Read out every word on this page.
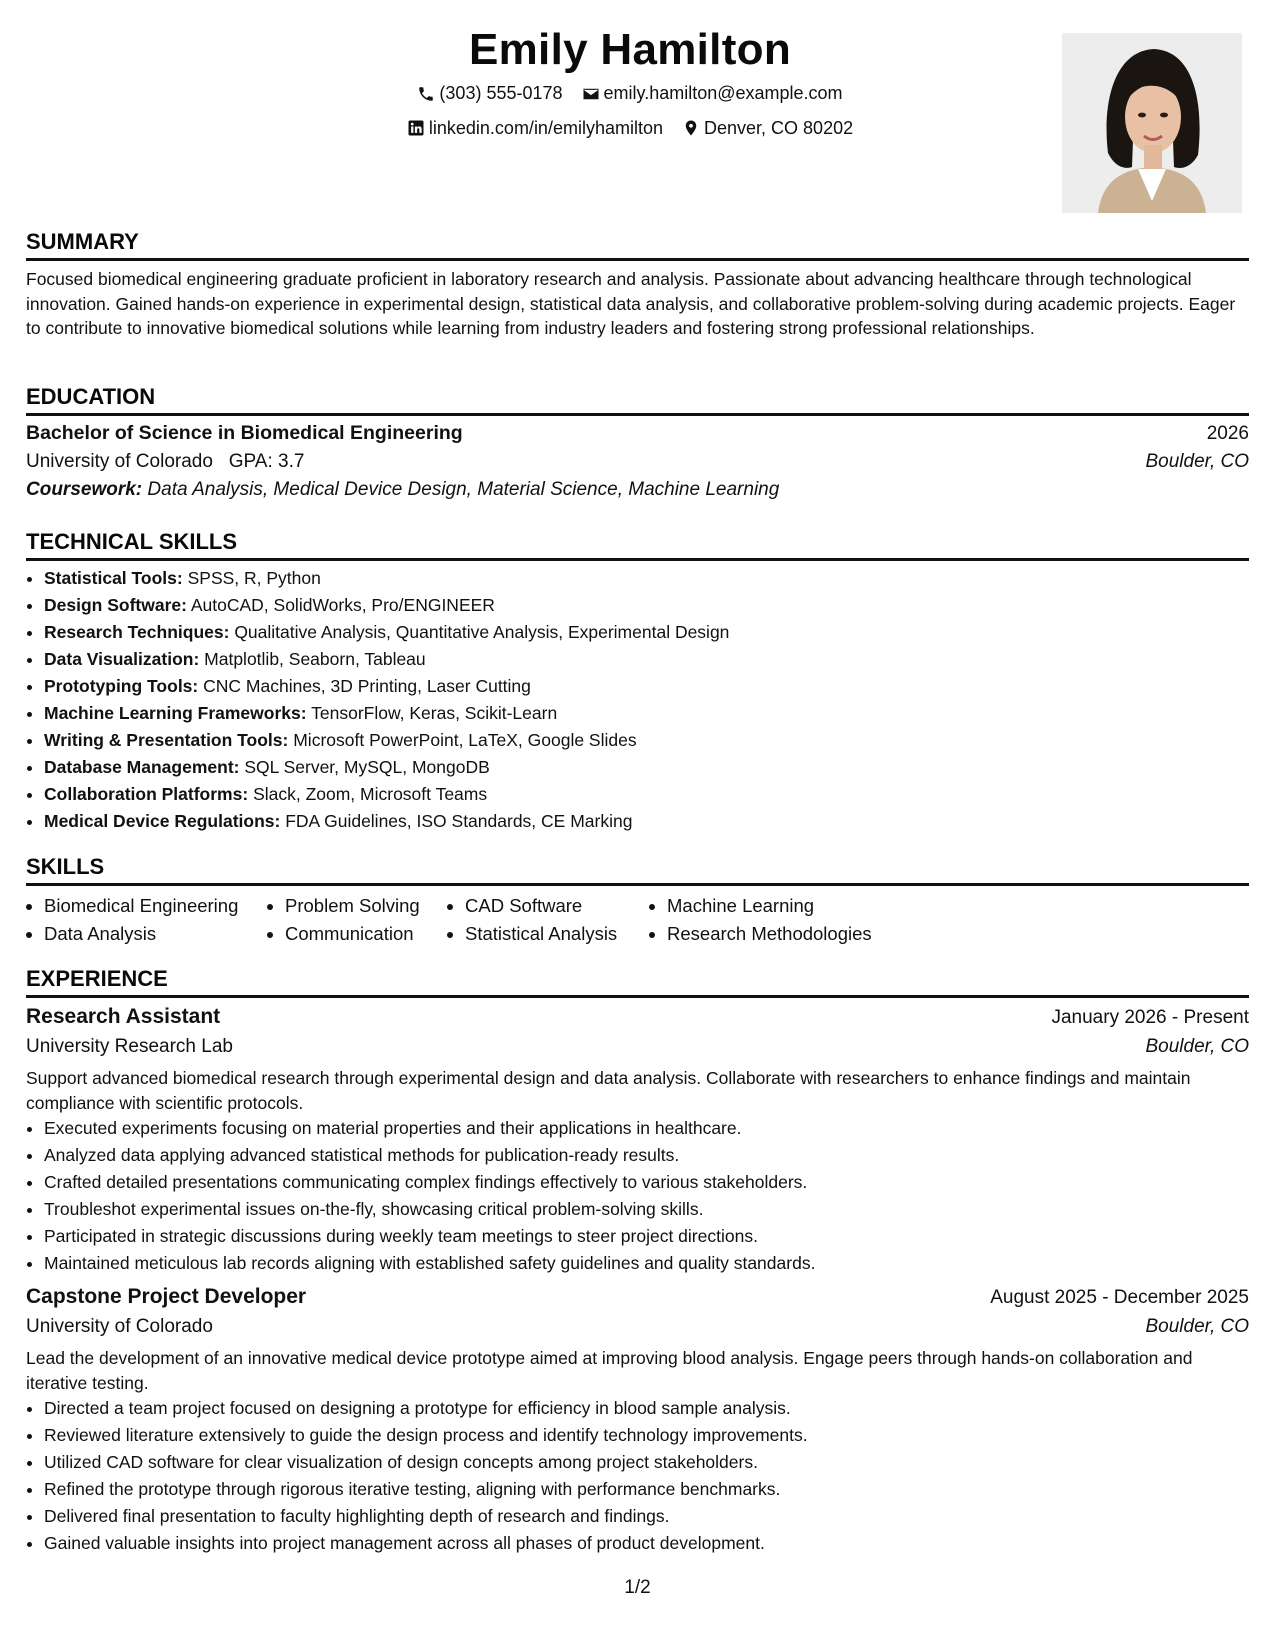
Emily Hamilton
(303) 555-0178
emily.hamilton@example.com
linkedin.com/in/emilyhamilton
Denver, CO 80202
SUMMARY

Focused biomedical engineering graduate proficient in laboratory research and analysis. Passionate about advancing healthcare through technological innovation. Gained hands-on experience in experimental design, statistical data analysis, and collaborative problem-solving during academic projects. Eager to contribute to innovative biomedical solutions while learning from industry leaders and fostering strong professional relationships.

EDUCATION
Bachelor of Science in Biomedical Engineering	2026
University of Colorado GPA: 3.7	Boulder, CO
Coursework: Data Analysis, Medical Device Design, Material Science, Machine Learning
TECHNICAL SKILLS
• Statistical Tools: SPSS, R, Python
• Design Software: AutoCAD, SolidWorks, Pro/ENGINEER
• Research Techniques: Qualitative Analysis, Quantitative Analysis, Experimental Design
• Data Visualization: Matplotlib, Seaborn, Tableau
• Prototyping Tools: CNC Machines, 3D Printing, Laser Cutting
• Machine Learning Frameworks: TensorFlow, Keras, Scikit-Learn
• Writing & Presentation Tools: Microsoft PowerPoint, LaTeX, Google Slides
• Database Management: SQL Server, MySQL, MongoDB
• Collaboration Platforms: Slack, Zoom, Microsoft Teams
• Medical Device Regulations: FDA Guidelines, ISO Standards, CE Marking
SKILLS
• Biomedical Engineering
• Data Analysis
• Problem Solving
• Communication
• CAD Software
• Statistical Analysis
• Machine Learning
• Research Methodologies
EXPERIENCE
Research Assistant	January 2026 - Present
University Research Lab	Boulder, CO

Support advanced biomedical research through experimental design and data analysis. Collaborate with researchers to enhance findings and maintain compliance with scientific protocols.

• Executed experiments focusing on material properties and their applications in healthcare.
• Analyzed data applying advanced statistical methods for publication-ready results.
• Crafted detailed presentations communicating complex findings effectively to various stakeholders.
• Troubleshot experimental issues on-the-fly, showcasing critical problem-solving skills.
• Participated in strategic discussions during weekly team meetings to steer project directions.
• Maintained meticulous lab records aligning with established safety guidelines and quality standards.
Capstone Project Developer	August 2025 - December 2025
University of Colorado	Boulder, CO

Lead the development of an innovative medical device prototype aimed at improving blood analysis. Engage peers through hands-on collaboration and iterative testing.

• Directed a team project focused on designing a prototype for efficiency in blood sample analysis.
• Reviewed literature extensively to guide the design process and identify technology improvements.
• Utilized CAD software for clear visualization of design concepts among project stakeholders.
• Refined the prototype through rigorous iterative testing, aligning with performance benchmarks.
• Delivered final presentation to faculty highlighting depth of research and findings.
• Gained valuable insights into project management across all phases of product development.
1/2
